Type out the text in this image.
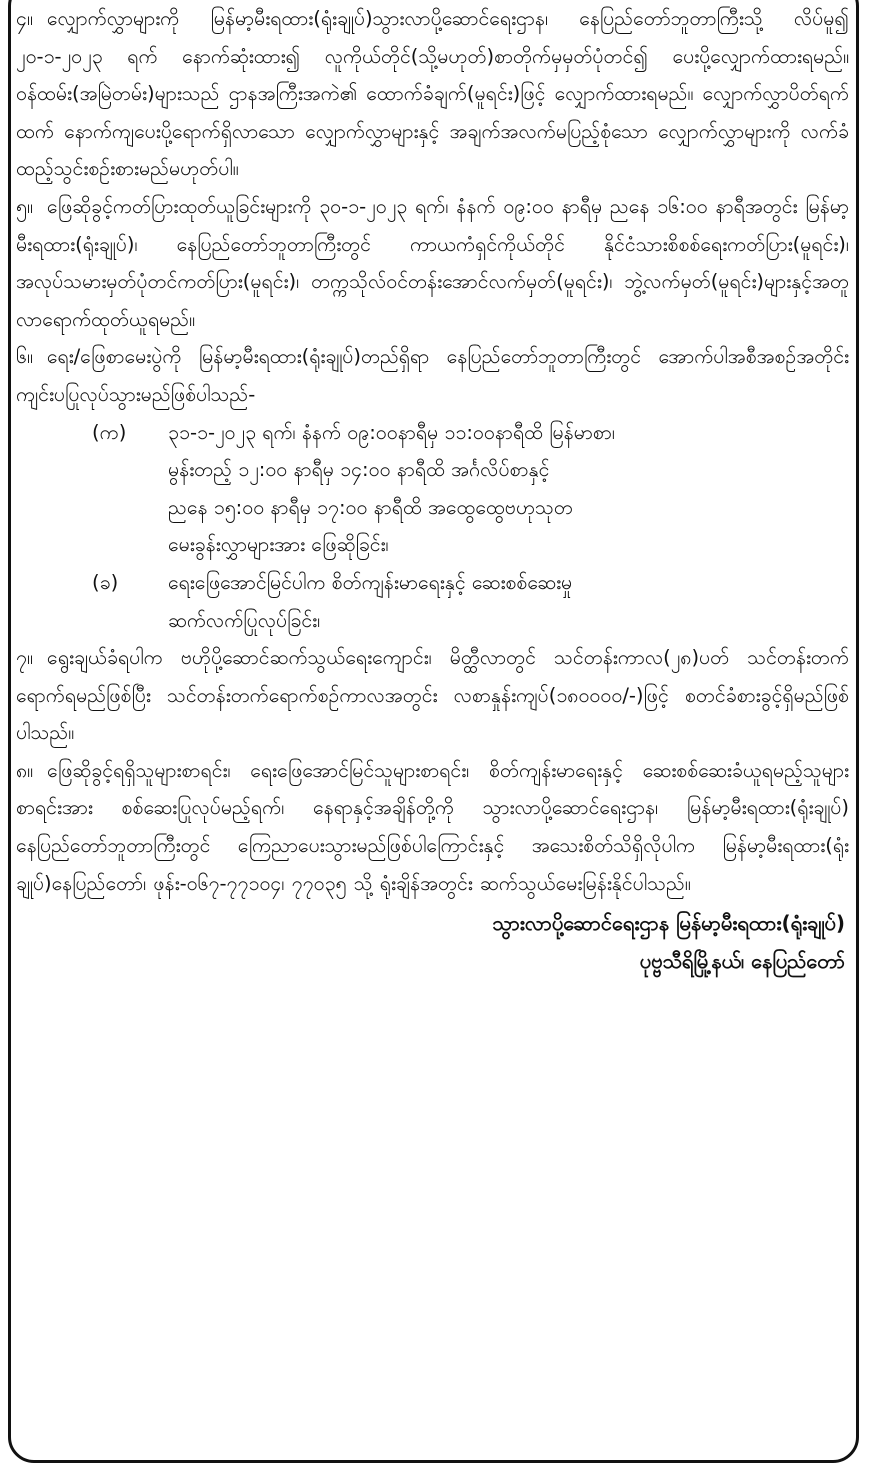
၄။ လျှောက်လွှာများကို မြန်မာ့မီးရထား(ရုံးချုပ်)သွားလာပို့ဆောင်ရေးဌာန၊ နေပြည်တော်ဘူတာကြီးသို့ လိပ်မူ၍ ၂၀-၁-၂၀၂၃ ရက် နောက်ဆုံးထား၍ လူကိုယ်တိုင်(သို့မဟုတ်)စာတိုက်မှမှတ်ပုံတင်၍ ပေးပို့လျှောက်ထားရမည်။ ဝန်ထမ်း(အမြဲတမ်း)များသည် ဌာနအကြီးအကဲ၏ ထောက်ခံချက်(မူရင်း)ဖြင့် လျှောက်ထားရမည်။ လျှောက်လွှာပိတ်ရက်ထက် နောက်ကျပေးပို့ရောက်ရှိလာသော လျှောက်လွှာများနှင့် အချက်အလက်မပြည့်စုံသော လျှောက်လွှာများကို လက်ခံထည့်သွင်းစဉ်းစားမည်မဟုတ်ပါ။

၅။ ဖြေဆိုခွင့်ကတ်ပြားထုတ်ယူခြင်းများကို ၃၀-၁-၂၀၂၃ ရက်၊ နံနက် ၀၉:၀၀ နာရီမှ ညနေ ၁၆:၀၀ နာရီအတွင်း မြန်မာ့မီးရထား(ရုံးချုပ်)၊ နေပြည်တော်ဘူတာကြီးတွင် ကာယကံရှင်ကိုယ်တိုင် နိုင်ငံသားစိစစ်ရေးကတ်ပြား(မူရင်း)၊ အလုပ်သမားမှတ်ပုံတင်ကတ်ပြား(မူရင်း)၊ တက္ကသိုလ်ဝင်တန်းအောင်လက်မှတ်(မူရင်း)၊ ဘွဲ့လက်မှတ်(မူရင်း)များနှင့်အတူ လာရောက်ထုတ်ယူရမည်။

၆။ ရေး/ဖြေစာမေးပွဲကို မြန်မာ့မီးရထား(ရုံးချုပ်)တည်ရှိရာ နေပြည်တော်ဘူတာကြီးတွင် အောက်ပါအစီအစဉ်အတိုင်း ကျင်းပပြုလုပ်သွားမည်ဖြစ်ပါသည်-

(က)	၃၁-၁-၂၀၂၃ ရက်၊ နံနက် ၀၉:၀၀နာရီမှ ၁၁:၀၀နာရီထိ မြန်မာစာ၊
မွန်းတည့် ၁၂:၀၀ နာရီမှ ၁၄:၀၀ နာရီထိ အင်္ဂလိပ်စာနှင့်
ညနေ ၁၅:၀၀ နာရီမှ ၁၇:၀၀ နာရီထိ အထွေထွေဗဟုသုတ
မေးခွန်းလွှာများအား ဖြေဆိုခြင်း၊
(ခ)	ရေးဖြေအောင်မြင်ပါက စိတ်ကျန်းမာရေးနှင့် ဆေးစစ်ဆေးမှု
ဆက်လက်ပြုလုပ်ခြင်း၊

၇။ ရွေးချယ်ခံရပါက ဗဟိုပို့ဆောင်ဆက်သွယ်ရေးကျောင်း၊ မိတ္ထီလာတွင် သင်တန်းကာလ(၂၈)ပတ် သင်တန်းတက်ရောက်ရမည်ဖြစ်ပြီး သင်တန်းတက်ရောက်စဉ်ကာလအတွင်း လစာနှုန်းကျပ်(၁၈၀၀၀၀/-)ဖြင့် စတင်ခံစားခွင့်ရှိမည်ဖြစ်ပါသည်။

၈။ ဖြေဆိုခွင့်ရရှိသူများစာရင်း၊ ရေးဖြေအောင်မြင်သူများစာရင်း၊ စိတ်ကျန်းမာရေးနှင့် ဆေးစစ်ဆေးခံယူရမည့်သူများစာရင်းအား စစ်ဆေးပြုလုပ်မည့်ရက်၊ နေရာနှင့်အချိန်တို့ကို သွားလာပို့ဆောင်ရေးဌာန၊ မြန်မာ့မီးရထား(ရုံးချုပ်) နေပြည်တော်ဘူတာကြီးတွင် ကြေညာပေးသွားမည်ဖြစ်ပါကြောင်းနှင့် အသေးစိတ်သိရှိလိုပါက မြန်မာ့မီးရထား(ရုံးချုပ်)နေပြည်တော်၊ ဖုန်း-၀၆၇-၇၇၁၀၄၊ ၇၇၀၃၅ သို့ ရုံးချိန်အတွင်း ဆက်သွယ်မေးမြန်းနိုင်ပါသည်။

သွားလာပို့ဆောင်ရေးဌာန မြန်မာ့မီးရထား(ရုံးချုပ်)
ပုဗ္ဗသီရိမြို့နယ်၊ နေပြည်တော်
